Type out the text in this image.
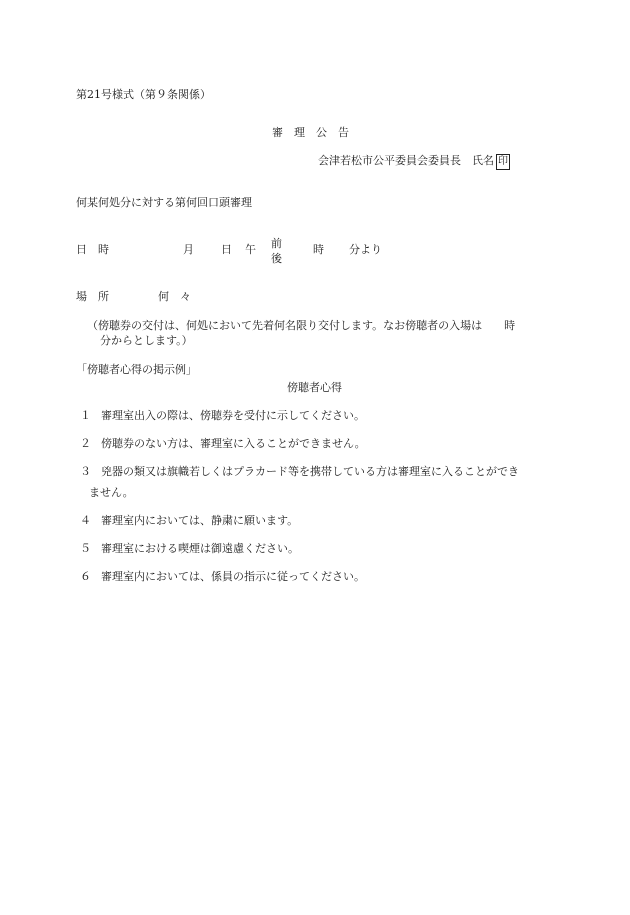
第21号様式（第９条関係）
審　理　公　告
会津若松市公平委員会委員長　氏名 印
何某何処分に対する第何回口頭審理
日　時	月 日 午 前
後
時 分より
場　所	何　々
（傍聴券の交付は、何処において先着何名限り交付します。なお傍聴者の入場は　　時
分からとします。）
「傍聴者心得の掲示例」
傍聴者心得
１ 審理室出入の際は、傍聴券を受付に示してください。
２ 傍聴券のない方は、審理室に入ることができません。
３ 兇器の類又は旗幟若しくはプラカード等を携帯している方は審理室に入ることができ
ません。
４ 審理室内においては、静粛に願います。
５ 審理室における喫煙は御遠慮ください。
６ 審理室内においては、係員の指示に従ってください。
